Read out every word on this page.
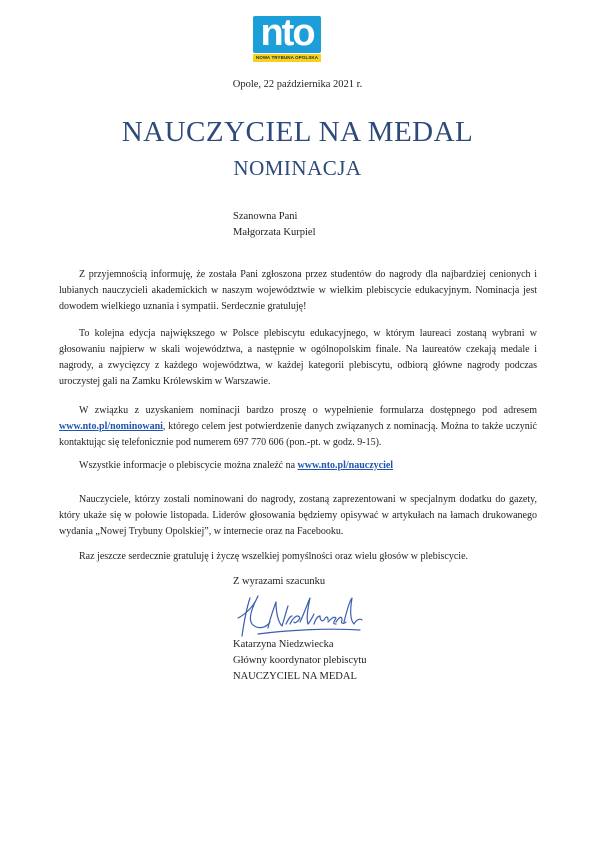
nto
NOWA TRYBUNA OPOLSKA
Opole, 22 października 2021 r.
NAUCZYCIEL NA MEDAL
NOMINACJA
Szanowna Pani
Małgorzata Kurpiel

Z przyjemnością informuję, że została Pani zgłoszona przez studentów do nagrody dla najbardziej cenionych i lubianych nauczycieli akademickich w naszym województwie w wielkim plebiscycie edukacyjnym. Nominacja jest dowodem wielkiego uznania i sympatii. Serdecznie gratuluję!

To kolejna edycja największego w Polsce plebiscytu edukacyjnego, w którym laureaci zostaną wybrani w głosowaniu najpierw w skali województwa, a następnie w ogólnopolskim finale. Na laureatów czekają medale i nagrody, a zwycięzcy z każdego województwa, w każdej kategorii plebiscytu, odbiorą główne nagrody podczas uroczystej gali na Zamku Królewskim w Warszawie.

W związku z uzyskaniem nominacji bardzo proszę o wypełnienie formularza dostępnego pod adresem www.nto.pl/nominowani, którego celem jest potwierdzenie danych związanych z nominacją. Można to także uczynić kontaktując się telefonicznie pod numerem 697 770 606 (pon.-pt. w godz. 9-15).

Wszystkie informacje o plebiscycie można znaleźć na www.nto.pl/nauczyciel

Nauczyciele, którzy zostali nominowani do nagrody, zostaną zaprezentowani w specjalnym dodatku do gazety, który ukaże się w połowie listopada. Liderów głosowania będziemy opisywać w artykułach na łamach drukowanego wydania „Nowej Trybuny Opolskiej”, w internecie oraz na Facebooku.

Raz jeszcze serdecznie gratuluję i życzę wszelkiej pomyślności oraz wielu głosów w plebiscycie.

Z wyrazami szacunku
Katarzyna Niedzwiecka
Główny koordynator plebiscytu
NAUCZYCIEL NA MEDAL
